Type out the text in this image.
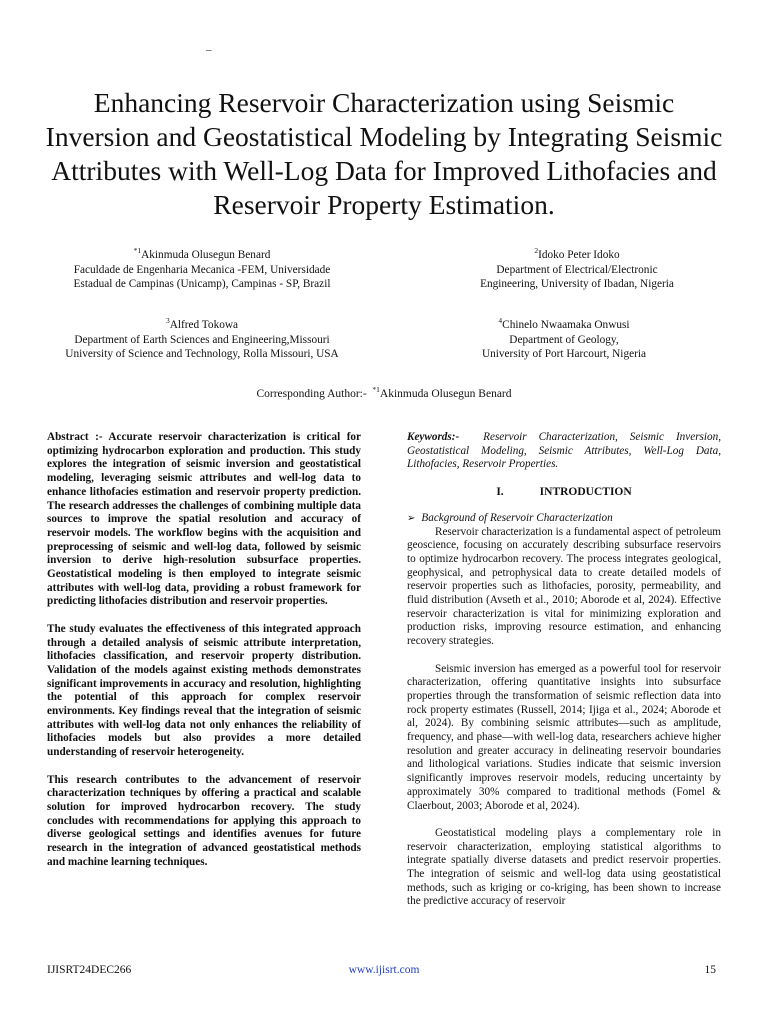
–
Enhancing Reservoir Characterization using Seismic Inversion and Geostatistical Modeling by Integrating Seismic Attributes with Well-Log Data for Improved Lithofacies and Reservoir Property Estimation.
$^{*1}$Akinmuda Olusegun Benard
Faculdade de Engenharia Mecanica -FEM, Universidade
Estadual de Campinas (Unicamp), Campinas - SP, Brazil
$^2$Idoko Peter Idoko
Department of Electrical/Electronic
Engineering, University of Ibadan, Nigeria
$^3$Alfred Tokowa
Department of Earth Sciences and Engineering,Missouri
University of Science and Technology, Rolla Missouri, USA
$^4$Chinelo Nwaamaka Onwusi
Department of Geology,
University of Port Harcourt, Nigeria
Corresponding Author:- $^{*1}$Akinmuda Olusegun Benard

Abstract :- Accurate reservoir characterization is critical for optimizing hydrocarbon exploration and production. This study explores the integration of seismic inversion and geostatistical modeling, leveraging seismic attributes and well-log data to enhance lithofacies estimation and reservoir property prediction. The research addresses the challenges of combining multiple data sources to improve the spatial resolution and accuracy of reservoir models. The workflow begins with the acquisition and preprocessing of seismic and well-log data, followed by seismic inversion to derive high-resolution subsurface properties. Geostatistical modeling is then employed to integrate seismic attributes with well-log data, providing a robust framework for predicting lithofacies distribution and reservoir properties.

The study evaluates the effectiveness of this integrated approach through a detailed analysis of seismic attribute interpretation, lithofacies classification, and reservoir property distribution. Validation of the models against existing methods demonstrates significant improvements in accuracy and resolution, highlighting the potential of this approach for complex reservoir environments. Key findings reveal that the integration of seismic attributes with well-log data not only enhances the reliability of lithofacies models but also provides a more detailed understanding of reservoir heterogeneity.

This research contributes to the advancement of reservoir characterization techniques by offering a practical and scalable solution for improved hydrocarbon recovery. The study concludes with recommendations for applying this approach to diverse geological settings and identifies avenues for future research in the integration of advanced geostatistical methods and machine learning techniques.

Keywords:- Reservoir Characterization, Seismic Inversion, Geostatistical Modeling, Seismic Attributes, Well-Log Data, Lithofacies, Reservoir Properties.

I.	INTRODUCTION

➢ Background of Reservoir Characterization

Reservoir characterization is a fundamental aspect of petroleum geoscience, focusing on accurately describing subsurface reservoirs to optimize hydrocarbon recovery. The process integrates geological, geophysical, and petrophysical data to create detailed models of reservoir properties such as lithofacies, porosity, permeability, and fluid distribution (Avseth et al., 2010; Aborode et al, 2024). Effective reservoir characterization is vital for minimizing exploration and production risks, improving resource estimation, and enhancing recovery strategies.

Seismic inversion has emerged as a powerful tool for reservoir characterization, offering quantitative insights into subsurface properties through the transformation of seismic reflection data into rock property estimates (Russell, 2014; Ijiga et al., 2024; Aborode et al, 2024). By combining seismic attributes—such as amplitude, frequency, and phase—with well-log data, researchers achieve higher resolution and greater accuracy in delineating reservoir boundaries and lithological variations. Studies indicate that seismic inversion significantly improves reservoir models, reducing uncertainty by approximately 30% compared to traditional methods (Fomel & Claerbout, 2003; Aborode et al, 2024).

Geostatistical modeling plays a complementary role in reservoir characterization, employing statistical algorithms to integrate spatially diverse datasets and predict reservoir properties. The integration of seismic and well-log data using geostatistical methods, such as kriging or co-kriging, has been shown to increase the predictive accuracy of reservoir

IJISRT24DEC266	www.ijisrt.com	15
